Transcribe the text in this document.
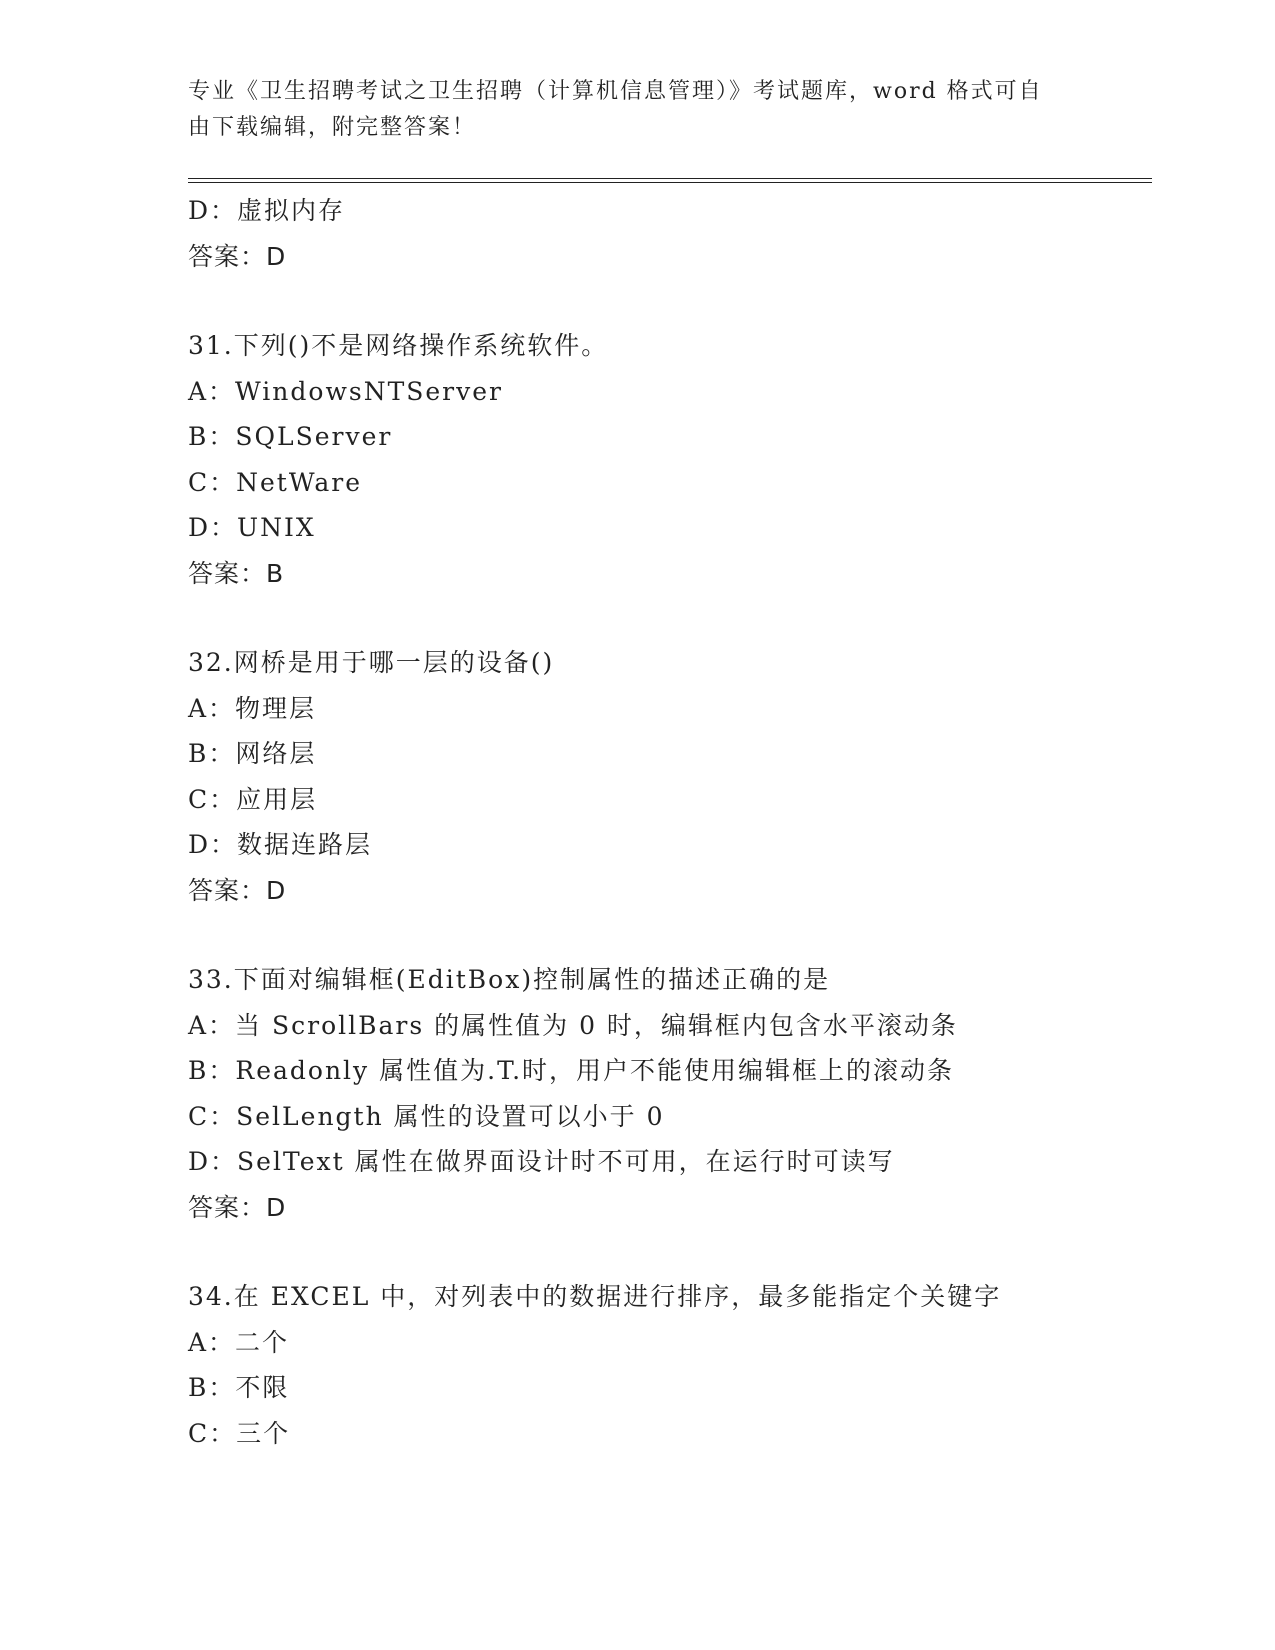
专业《卫生招聘考试之卫生招聘（计算机信息管理）》考试题库，word 格式可自
由下载编辑，附完整答案！
D：虚拟内存
答案：D
31.下列()不是网络操作系统软件。
A：WindowsNTServer
B：SQLServer
C：NetWare
D：UNIX
答案：B
32.网桥是用于哪一层的设备()
A：物理层
B：网络层
C：应用层
D：数据连路层
答案：D
33.下面对编辑框(EditBox)控制属性的描述正确的是
A：当 ScrollBars 的属性值为 0 时，编辑框内包含水平滚动条
B：Readonly 属性值为.T.时，用户不能使用编辑框上的滚动条
C：SelLength 属性的设置可以小于 0
D：SelText 属性在做界面设计时不可用，在运行时可读写
答案：D
34.在 EXCEL 中，对列表中的数据进行排序，最多能指定个关键字
A：二个
B：不限
C：三个
